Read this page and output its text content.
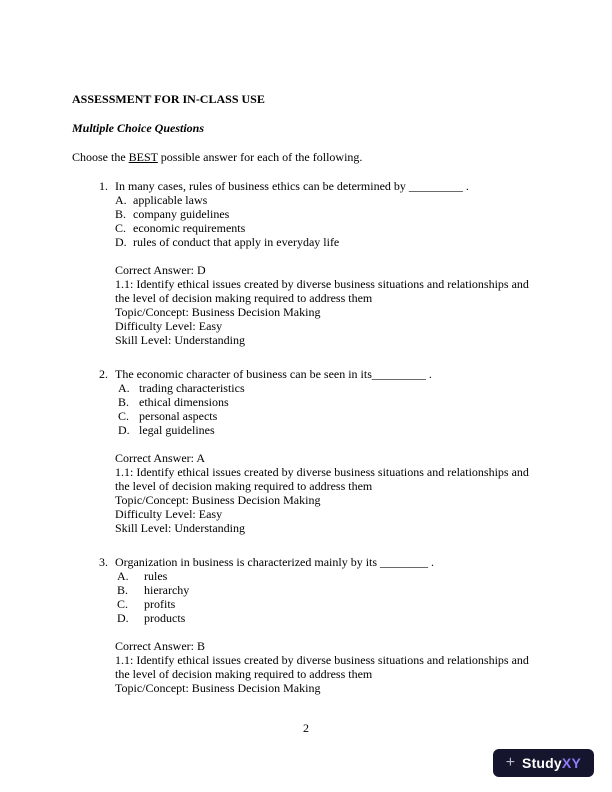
ASSESSMENT FOR IN-CLASS USE
Multiple Choice Questions

Choose the BEST possible answer for each of the following.

1. In many cases, rules of business ethics can be determined by _________ .
A. applicable laws
B. company guidelines
C. economic requirements
D. rules of conduct that apply in everyday life
Correct Answer: D
1.1: Identify ethical issues created by diverse business situations and relationships and the level of decision making required to address them
Topic/Concept: Business Decision Making
Difficulty Level: Easy
Skill Level: Understanding
2. The economic character of business can be seen in its_________ .
A. trading characteristics
B. ethical dimensions
C. personal aspects
D. legal guidelines
Correct Answer: A
1.1: Identify ethical issues created by diverse business situations and relationships and the level of decision making required to address them
Topic/Concept: Business Decision Making
Difficulty Level: Easy
Skill Level: Understanding
3. Organization in business is characterized mainly by its ________ .
A.	rules
B.	hierarchy
C.	profits
D.	products
Correct Answer: B
1.1: Identify ethical issues created by diverse business situations and relationships and the level of decision making required to address them
Topic/Concept: Business Decision Making
2
+ StudyXY
